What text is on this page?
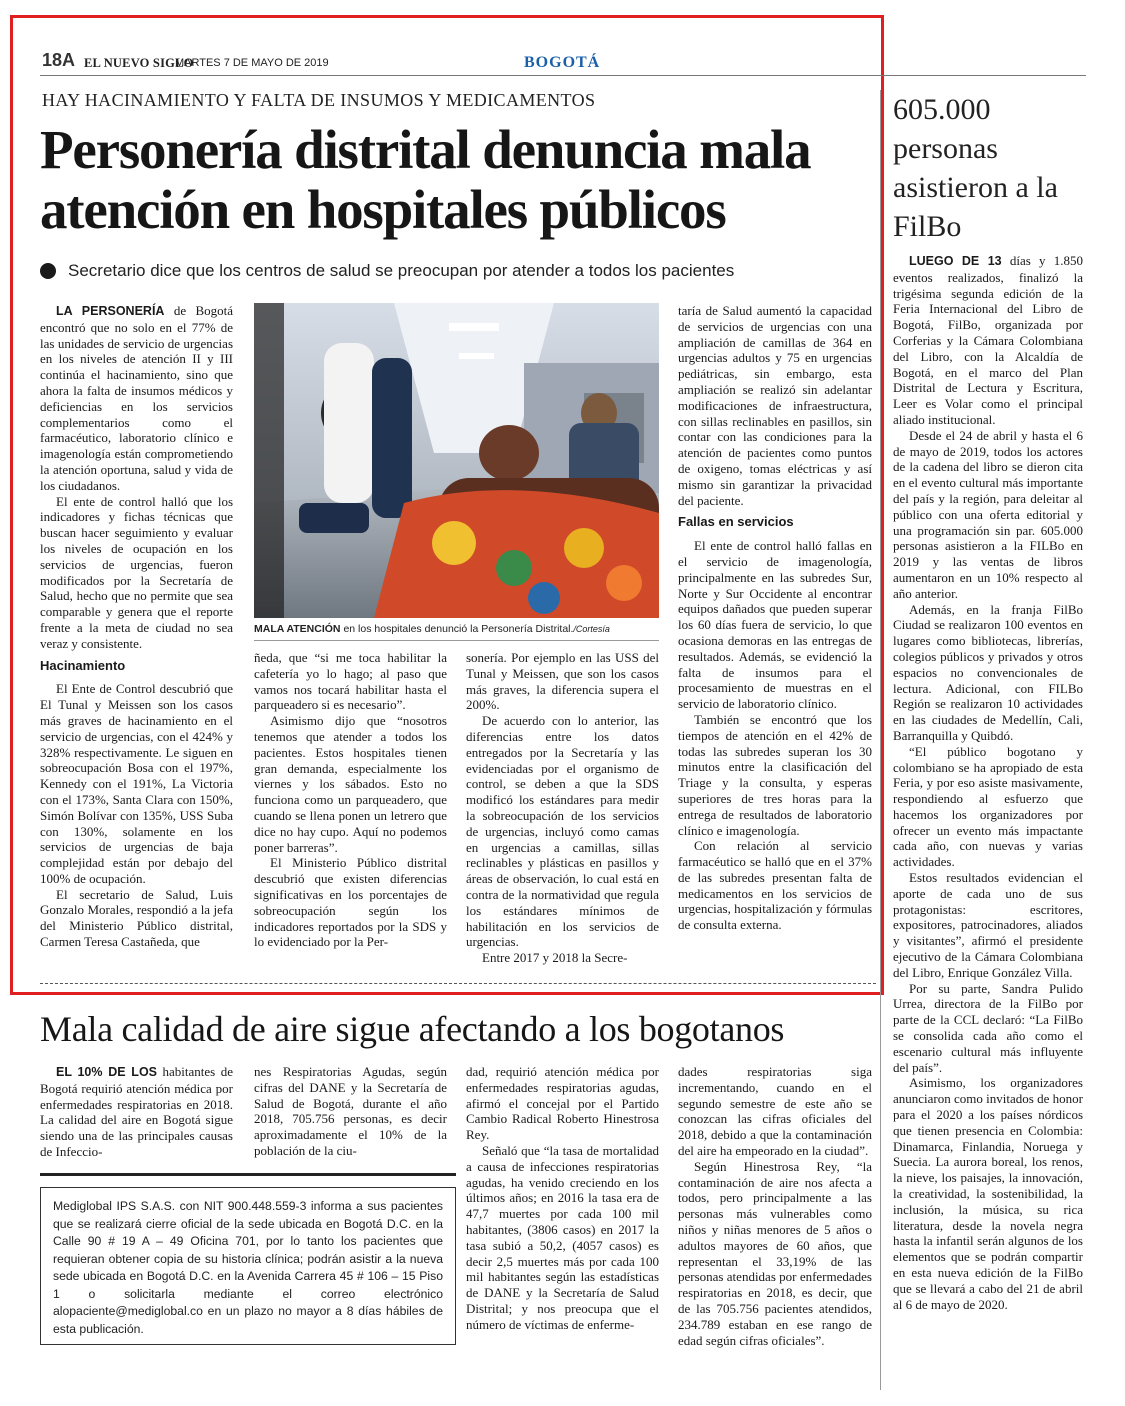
18A EL NUEVO SIGLO
MARTES 7 DE MAYO DE 2019	BOGOTÁ
HAY HACINAMIENTO Y FALTA DE INSUMOS Y MEDICAMENTOS
Personería distrital denuncia mala atención en hospitales públicos
Secretario dice que los centros de salud se preocupan por atender a todos los pacientes

LA PERSONERÍA de Bogotá encontró que no solo en el 77% de las unidades de servicio de urgencias en los niveles de atención II y III continúa el hacinamiento, sino que ahora la falta de insumos médicos y deficiencias en los servicios complementarios como el farmacéutico, laboratorio clínico e imagenología están comprometiendo la atención oportuna, salud y vida de los ciudadanos.

El ente de control halló que los indicadores y fichas técnicas que buscan hacer seguimiento y evaluar los niveles de ocupación en los servicios de urgencias, fueron modificados por la Secretaría de Salud, hecho que no permite que sea comparable y genera que el reporte frente a la meta de ciudad no sea veraz y consistente.

Hacinamiento

El Ente de Control descubrió que El Tunal y Meissen son los casos más graves de hacinamiento en el servicio de urgencias, con el 424% y 328% respectivamente. Le siguen en sobreocupación Bosa con el 197%, Kennedy con el 191%, La Victoria con el 173%, Santa Clara con 150%, Simón Bolívar con 135%, USS Suba con 130%, solamente en los servicios de urgencias de baja complejidad están por debajo del 100% de ocupación.

El secretario de Salud, Luis Gonzalo Morales, respondió a la jefa del Ministerio Público distrital, Carmen Teresa Castañeda, que

MALA ATENCIÓN en los hospitales denunció la Personería Distrital./Cortesía

ñeda, que “si me toca habilitar la cafetería yo lo hago; al paso que vamos nos tocará habilitar hasta el parqueadero si es necesario”.

Asimismo dijo que “nosotros tenemos que atender a todos los pacientes. Estos hospitales tienen gran demanda, especialmente los viernes y los sábados. Esto no funciona como un parqueadero, que cuando se llena ponen un letrero que dice no hay cupo. Aquí no podemos poner barreras”.

El Ministerio Público distrital descubrió que existen diferencias significativas en los porcentajes de sobreocupación según los indicadores reportados por la SDS y lo evidenciado por la Per-

sonería. Por ejemplo en las USS del Tunal y Meissen, que son los casos más graves, la diferencia supera el 200%.

De acuerdo con lo anterior, las diferencias entre los datos entregados por la Secretaría y las evidenciadas por el organismo de control, se deben a que la SDS modificó los estándares para medir la sobreocupación de los servicios de urgencias, incluyó como camas en urgencias a camillas, sillas reclinables y plásticas en pasillos y áreas de observación, lo cual está en contra de la normatividad que regula los estándares mínimos de habilitación en los servicios de urgencias.

Entre 2017 y 2018 la Secre-

taría de Salud aumentó la capacidad de servicios de urgencias con una ampliación de camillas de 364 en urgencias adultos y 75 en urgencias pediátricas, sin embargo, esta ampliación se realizó sin adelantar modificaciones de infraestructura, con sillas reclinables en pasillos, sin contar con las condiciones para la atención de pacientes como puntos de oxigeno, tomas eléctricas y así mismo sin garantizar la privacidad del paciente.

Fallas en servicios

El ente de control halló fallas en el servicio de imagenología, principalmente en las subredes Sur, Norte y Sur Occidente al encontrar equipos dañados que pueden superar los 60 días fuera de servicio, lo que ocasiona demoras en las entregas de resultados. Además, se evidenció la falta de insumos para el procesamiento de muestras en el servicio de laboratorio clínico.

También se encontró que los tiempos de atención en el 42% de todas las subredes superan los 30 minutos entre la clasificación del Triage y la consulta, y esperas superiores de tres horas para la entrega de resultados de laboratorio clínico e imagenología.

Con relación al servicio farmacéutico se halló que en el 37% de las subredes presentan falta de medicamentos en los servicios de urgencias, hospitalización y fórmulas de consulta externa.

605.000 personas asistieron a la FilBo

LUEGO DE 13 días y 1.850 eventos realizados, finalizó la trigésima segunda edición de la Feria Internacional del Libro de Bogotá, FilBo, organizada por Corferias y la Cámara Colombiana del Libro, con la Alcaldía de Bogotá, en el marco del Plan Distrital de Lectura y Escritura, Leer es Volar como el principal aliado institucional.

Desde el 24 de abril y hasta el 6 de mayo de 2019, todos los actores de la cadena del libro se dieron cita en el evento cultural más importante del país y la región, para deleitar al público con una oferta editorial y una programación sin par. 605.000 personas asistieron a la FILBo en 2019 y las ventas de libros aumentaron en un 10% respecto al año anterior.

Además, en la franja FilBo Ciudad se realizaron 100 eventos en lugares como bibliotecas, librerías, colegios públicos y privados y otros espacios no convencionales de lectura. Adicional, con FILBo Región se realizaron 10 actividades en las ciudades de Medellín, Cali, Barranquilla y Quibdó.

“El público bogotano y colombiano se ha apropiado de esta Feria, y por eso asiste masivamente, respondiendo al esfuerzo que hacemos los organizadores por ofrecer un evento más impactante cada año, con nuevas y varias actividades.

Estos resultados evidencian el aporte de cada uno de sus protagonistas: escritores, expositores, patrocinadores, aliados y visitantes”, afirmó el presidente ejecutivo de la Cámara Colombiana del Libro, Enrique González Villa.

Por su parte, Sandra Pulido Urrea, directora de la FilBo por parte de la CCL declaró: “La FilBo se consolida cada año como el escenario cultural más influyente del país”.

Asimismo, los organizadores anunciaron como invitados de honor para el 2020 a los países nórdicos que tienen presencia en Colombia: Dinamarca, Finlandia, Noruega y Suecia. La aurora boreal, los renos, la nieve, los paisajes, la innovación, la creatividad, la sostenibilidad, la inclusión, la música, su rica literatura, desde la novela negra hasta la infantil serán algunos de los elementos que se podrán compartir en esta nueva edición de la FilBo que se llevará a cabo del 21 de abril al 6 de mayo de 2020.

Mala calidad de aire sigue afectando a los bogotanos

EL 10% DE LOS habitantes de Bogotá requirió atención médica por enfermedades respiratorias en 2018. La calidad del aire en Bogotá sigue siendo una de las principales causas de Infeccio-

nes Respiratorias Agudas, según cifras del DANE y la Secretaría de Salud de Bogotá, durante el año 2018, 705.756 personas, es decir aproximadamente el 10% de la población de la ciu-

dad, requirió atención médica por enfermedades respiratorias agudas, afirmó el concejal por el Partido Cambio Radical Roberto Hinestrosa Rey.

Señaló que “la tasa de mortalidad a causa de infecciones respiratorias agudas, ha venido creciendo en los últimos años; en 2016 la tasa era de 47,7 muertes por cada 100 mil habitantes, (3806 casos) en 2017 la tasa subió a 50,2, (4057 casos) es decir 2,5 muertes más por cada 100 mil habitantes según las estadísticas de DANE y la Secretaría de Salud Distrital; y nos preocupa que el número de víctimas de enferme-

dades respiratorias siga incrementando, cuando en el segundo semestre de este año se conozcan las cifras oficiales del 2018, debido a que la contaminación del aire ha empeorado en la ciudad”.

Según Hinestrosa Rey, “la contaminación de aire nos afecta a todos, pero principalmente a las personas más vulnerables como niños y niñas menores de 5 años o adultos mayores de 60 años, que representan el 33,19% de las personas atendidas por enfermedades respiratorias en 2018, es decir, que de las 705.756 pacientes atendidos, 234.789 estaban en ese rango de edad según cifras oficiales”.

Mediglobal IPS S.A.S. con NIT 900.448.559-3 informa a sus pacientes que se realizará cierre oficial de la sede ubicada en Bogotá D.C. en la Calle 90 # 19 A – 49 Oficina 701, por lo tanto los pacientes que requieran obtener copia de su historia clínica; podrán asistir a la nueva sede ubicada en Bogotá D.C. en la Avenida Carrera 45 # 106 – 15 Piso 1 o solicitarla mediante el correo electrónico alopaciente@mediglobal.co en un plazo no mayor a 8 días hábiles de esta publicación.
